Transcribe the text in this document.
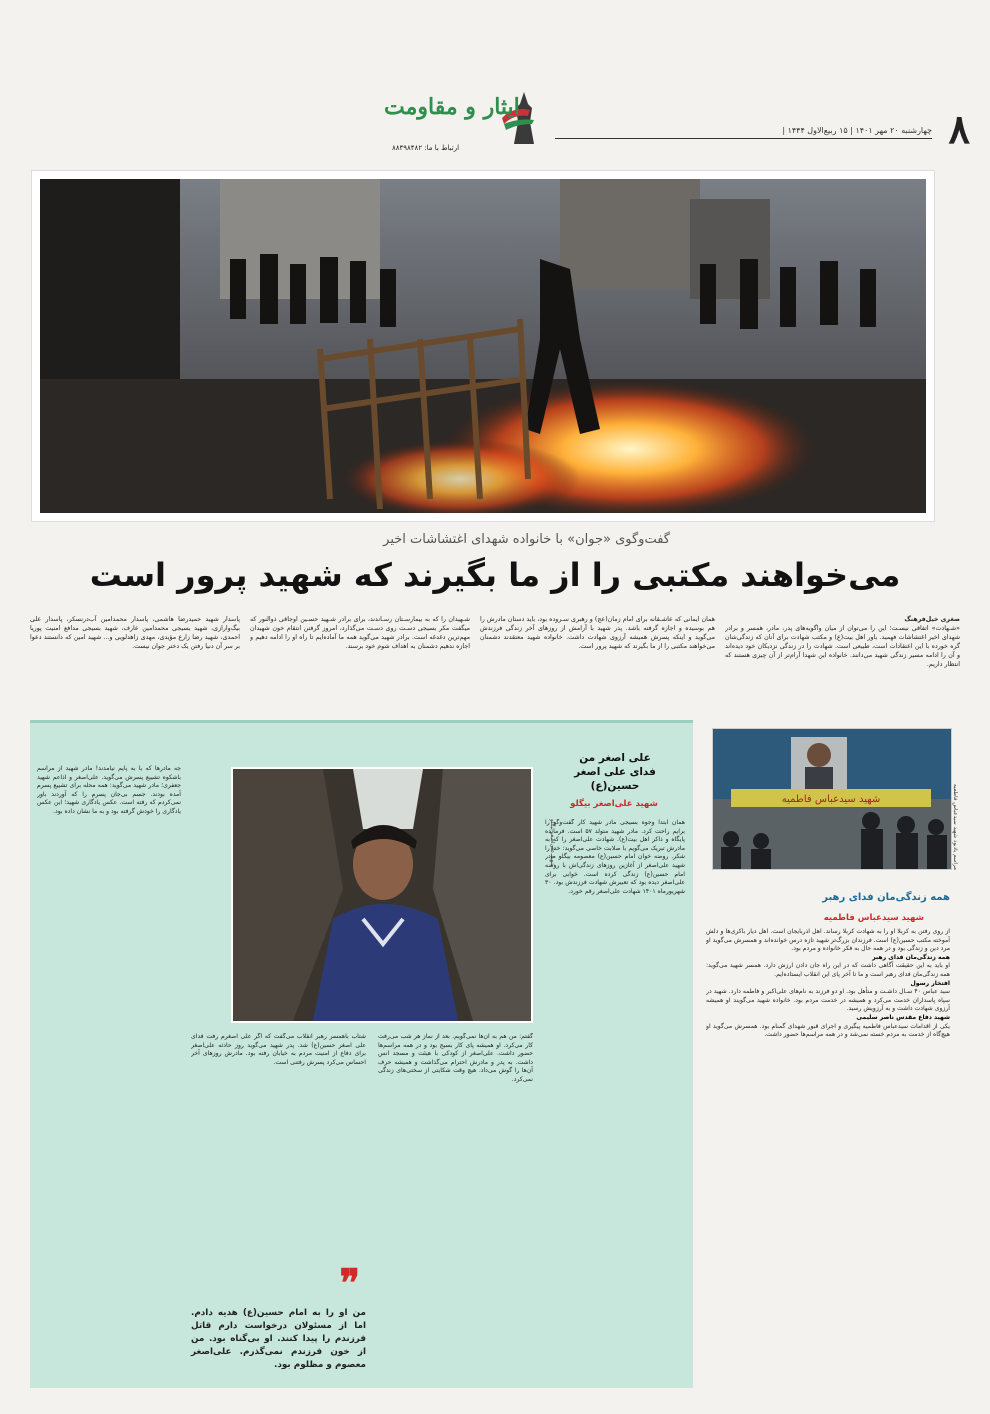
۸
چهارشنبه ۲۰ مهر ۱۴۰۱ | ۱۵ ربیع‌الاول ۱۴۴۴ |
ایثار و مقاومت
ارتباط با ما: ۸۸۴۹۸۴۸۲
گفت‌وگوی «جوان» با خانواده شهدای اغتشاشات اخیر
می‌خواهند مکتبی را از ما بگیرند که شهید پرور است
صغری خیل‌فرهنگ

«شـهادت» اتفاقی نیسـت؛ این را می‌توان از میان واگویه‌های پدر، مادر، همسر و برادر شهدای اخیر اغتشاشات فهمید. باور اهل بیت(ع) و مکتب شهادت برای آنان که زندگی‌شان گره خورده با این اعتقادات است، طبیعی است. شهادت را در زندگی نزدیکان خود دیده‌اند و آن را ادامه مسیر زندگی شهید می‌دانند. خانواده این شهدا آرام‌تر از آن چیزی هستند که انتظار داریم.

همان ایمانی که عاشـقانه برای امام زمان(عج) و رهبری سـروده بود، باید دستان مادرش را هم بوسیده و اجازه گرفته باشد. پدر شهید با آرامش از روزهای آخر زندگی فرزندش می‌گوید و اینکه پسرش همیشه آرزوی شهادت داشت. خانواده شهید معتقدند دشمنان می‌خواهند مکتبی را از ما بگیرند که شهید پرور است.

شـهیدان را که به بیمارسـتان رسـاندند، برای برادر شـهید حسـین اوجاقی ذوالنور که میگفت مکر بسیجی دسـت روی دسـت می‌گذارد، امروز گرفتن انتقام خون شهیدان مهم‌ترین دغدغه است. برادر شهید می‌گوید همه ما آماده‌ایم تا راه او را ادامه دهیم و اجازه ندهیم دشمنان به اهداف شوم خود برسند.

پاسدار شهید حمیدرضا هاشمی، پاسدار محمدامین آب‌درنسکر، پاسدار علی بیگ‌وارازی، شهید بسیجی محمدامین عارف، شهید بسیجی مدافع امنیت پوریا احمدی، شهید رضا زارع مؤیدی، مهدی زاهدلویی و... شهید امین که دانستند دعوا بر سر آن دنیا رفتن یک دختر جوان نیست.

مراسم یادبود شهید سیدعباس فاطمیه
شهید سیدعباس فاطمیه
همه زندگی‌مان فدای رهبر
شهید سیدعباس فاطمیه

از روی رفتن به کربلا او را به شهادت کربلا رساند. اهل آذربایجان است. اهل دیار باکری‌ها و دلش آموخته مکتب حسین(ع) است. فرزندان بزرگ‌تر شهید تازه درس خوانده‌اند و همسرش می‌گوید او مرد دین و زندگی بود و در همه حال به فکر خانواده و مردم بود.

همه زندگی‌مان فدای رهبر

او باید به این حقیقت آگاهی داشت که در این راه جان دادن ارزش دارد. همسر شهید می‌گوید: همه زندگی‌مان فدای رهبر است و ما تا آخر پای این انقلاب ایستاده‌ایم.

افتخار رسول

سید عباس ۴۰ سـال داشـت و متأهل بود. او دو فرزند به نام‌های علی‌اکبر و فاطمه دارد. شهید در سپاه پاسداران خدمت می‌کرد و همیشه در خدمت مردم بود. خانواده شهید می‌گویند او همیشه آرزوی شهادت داشت و به آرزویش رسید.

شهید دفاع مقدس ناصر سلیمی

یکی از اقدامات سیدعباس فاطمیه پیگیری و اجرای قبور شهدای گمنام بود. همسرش می‌گوید او هیچ‌گاه از خدمت به مردم خسته نمی‌شد و در همه مراسم‌ها حضور داشت.

علی اصغر من فدای علی اصغر حسین(ع)
شهید علی‌اصغر بیگلو

همان ابتدا وجوه بسیجی مادر شهید کار گفت‌وگو را برایم راحت کرد. مادر شهید متولد ۵۷ است. فرمانده پایگاه و ذاکر اهل بیت(ع). شهادت علی‌اصغر را که به مادرش تبریک می‌گویم با صلابت خاصی می‌گوید: خدا را شکر. روضه خوان امام حسین(ع) معصومه بیگلو مادر شهید علی‌اصغر از آغازین روزهای زندگی‌اش با روضه امام حسین(ع) زندگی کرده است. خوابی برای علی‌اصغر دیده بود که تعبیرش شهادت فرزندش بود. ۳۰ شهریورماه ۱۴۰۱ شهادت علی‌اصغر رقم خورد.

شهید علی‌اصغر بیگلو

گفتم: من هم به آن‌ها نمی‌گویم. بعد از نماز هر شب می‌رفت کار می‌کرد. او همیشه پای کار بسیج بود و در همه مراسم‌ها حضور داشت. علی‌اصغر از کودکی با هیئت و مسجد انس داشت. به پدر و مادرش احترام می‌گذاشت و همیشه حرف آن‌ها را گوش می‌داد. هیچ وقت شکایتی از سختی‌های زندگی نمی‌کرد.

شتاب باهمسر رهبر انقلاب می‌گفت که اگر علی اصغرم رفت فدای علی اصغر حسین(ع) شد. پدر شهید می‌گوید روز حادثه علی‌اصغر برای دفاع از امنیت مردم به خیابان رفته بود. مادرش روزهای آخر احساس می‌کرد پسرش رفتنی است.

❞
من او را به امام حسین(ع) هدیه دادم. اما از مسئولان درخواست دارم قاتل فرزندم را پیدا کنند. او بی‌گناه بود. من از خون فرزندم نمی‌گذرم. علی‌اصغر معصوم و مظلوم بود.

جه مادرها که با به پایم نیامدند! مادر شهید از مراسم باشکوه تشییع پسرش می‌گوید. علی‌اصغر و اذاعم شهید جعفری؛ مادر شهید می‌گوید: همه محله برای تشییع پسرم آمده بودند. جسم بی‌جان پسرم را که آوردند باور نمی‌کردم که رفته است. عکس یادگاری شهید؛ این عکس یادگاری را خودش گرفته بود و به ما نشان داده بود.
